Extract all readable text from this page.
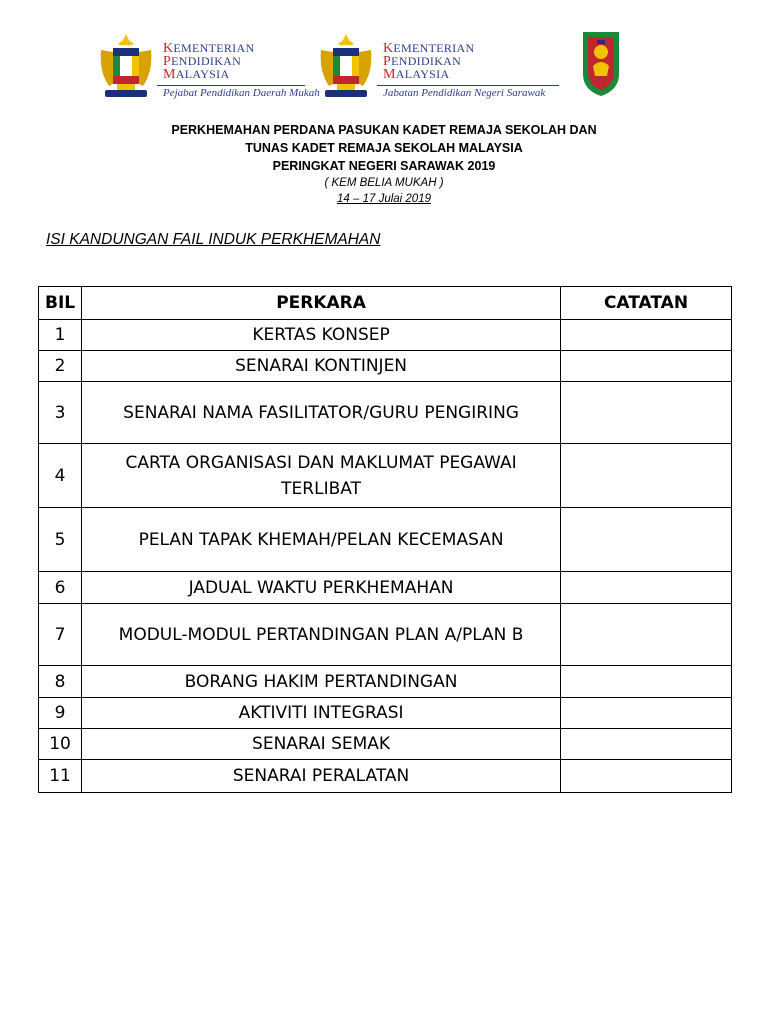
KEMENTERIAN
PENDIDIKAN
MALAYSIA
Pejabat Pendidikan Daerah Mukah
KEMENTERIAN
PENDIDIKAN
MALAYSIA
Jabatan Pendidikan Negeri Sarawak
PERKHEMAHAN PERDANA PASUKAN KADET REMAJA SEKOLAH DAN
TUNAS KADET REMAJA SEKOLAH MALAYSIA
PERINGKAT NEGERI SARAWAK 2019
( KEM BELIA MUKAH )
14 – 17 Julai 2019
ISI KANDUNGAN FAIL INDUK PERKHEMAHAN
BIL	PERKARA	CATATAN
1	KERTAS KONSEP	
2	SENARAI KONTINJEN	
3	SENARAI NAMA FASILITATOR/GURU PENGIRING	
4	CARTA ORGANISASI DAN MAKLUMAT PEGAWAI TERLIBAT	
5	PELAN TAPAK KHEMAH/PELAN KECEMASAN	
6	JADUAL WAKTU PERKHEMAHAN	
7	MODUL-MODUL PERTANDINGAN PLAN A/PLAN B	
8	BORANG HAKIM PERTANDINGAN	
9	AKTIVITI INTEGRASI	
10	SENARAI SEMAK	
11	SENARAI PERALATAN	
